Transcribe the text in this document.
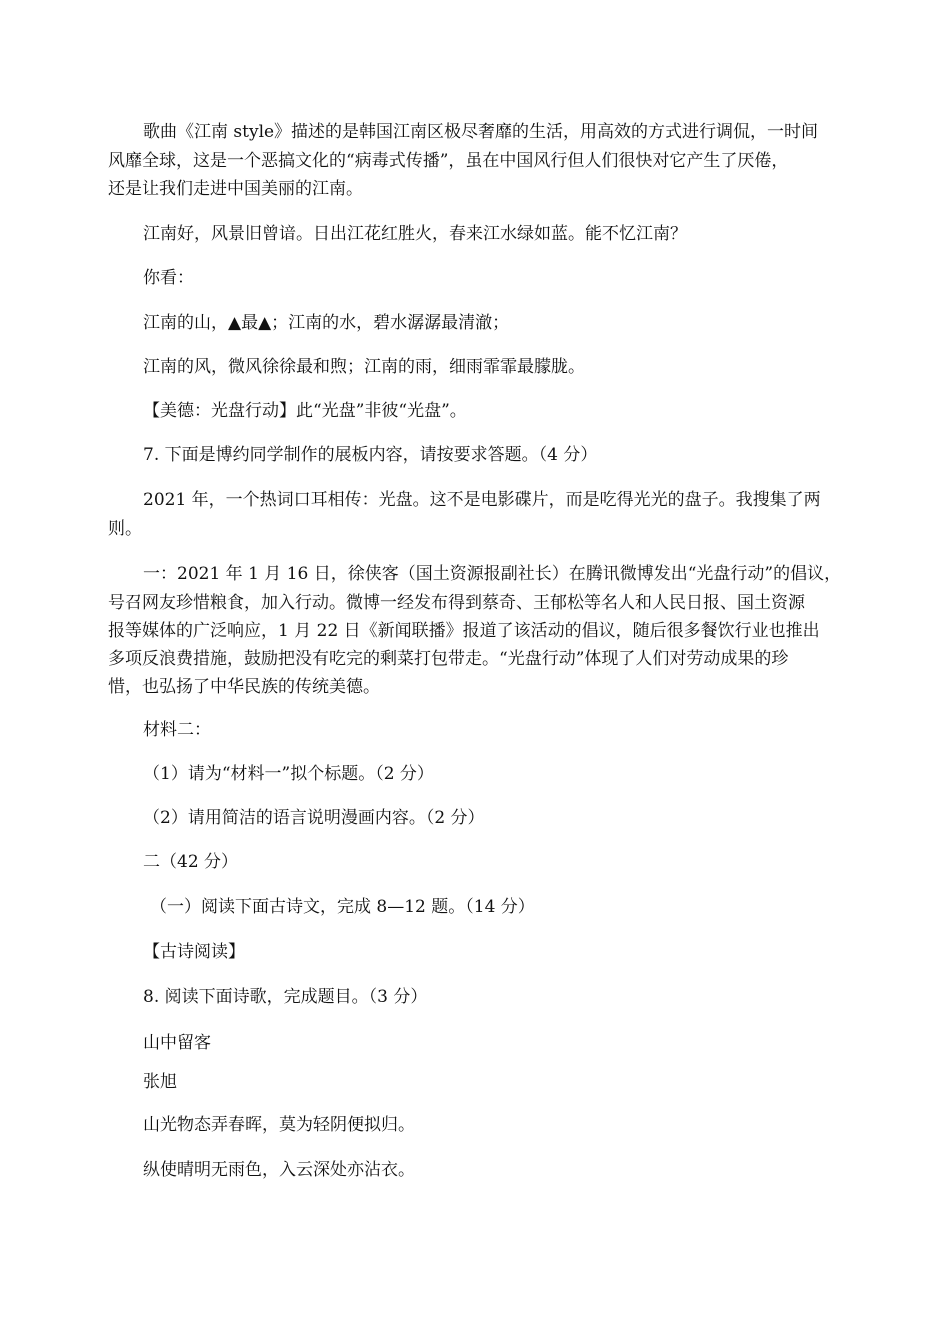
歌曲《江南 style》描述的是韩国江南区极尽奢靡的生活，用高效的方式进行调侃，一时间
风靡全球，这是一个恶搞文化的“病毒式传播”，虽在中国风行但人们很快对它产生了厌倦，
还是让我们走进中国美丽的江南。
江南好，风景旧曾谙。日出江花红胜火，春来江水绿如蓝。能不忆江南？
你看：
江南的山，▲最▲；江南的水，碧水潺潺最清澈；
江南的风，微风徐徐最和煦；江南的雨，细雨霏霏最朦胧。
【美德：光盘行动】此“光盘”非彼“光盘”。
7. 下面是博约同学制作的展板内容，请按要求答题。（4 分）
2021 年，一个热词口耳相传：光盘。这不是电影碟片，而是吃得光光的盘子。我搜集了两
则。
一：2021 年 1 月 16 日，徐侠客（国土资源报副社长）在腾讯微博发出“光盘行动”的倡议，
号召网友珍惜粮食，加入行动。微博一经发布得到蔡奇、王郁松等名人和人民日报、国土资源
报等媒体的广泛响应，1 月 22 日《新闻联播》报道了该活动的倡议，随后很多餐饮行业也推出
多项反浪费措施，鼓励把没有吃完的剩菜打包带走。“光盘行动”体现了人们对劳动成果的珍
惜，也弘扬了中华民族的传统美德。
材料二：
（1）请为“材料一”拟个标题。（2 分）
（2）请用简洁的语言说明漫画内容。（2 分）
二（42 分）
（一）阅读下面古诗文，完成 8—12 题。（14 分）
【古诗阅读】
8. 阅读下面诗歌，完成题目。（3 分）
山中留客
张旭
山光物态弄春晖，莫为轻阴便拟归。
纵使晴明无雨色，入云深处亦沾衣。
